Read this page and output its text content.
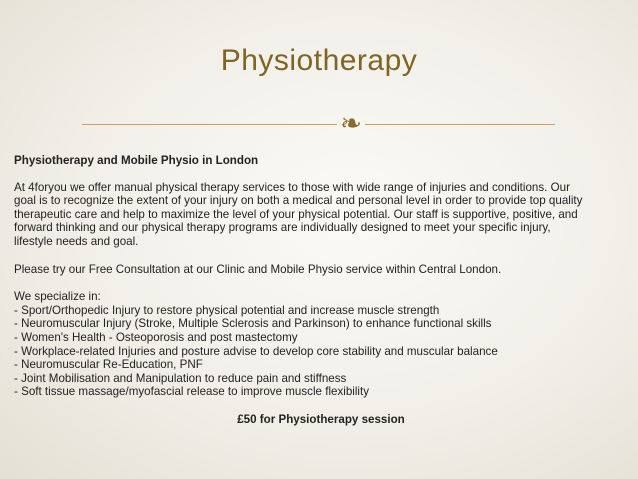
Physiotherapy
❧

Physiotherapy and Mobile Physio in London

At 4foryou we offer manual physical therapy services to those with wide range of injuries and conditions. Our
goal is to recognize the extent of your injury on both a medical and personal level in order to provide top quality
therapeutic care and help to maximize the level of your physical potential. Our staff is supportive, positive, and
forward thinking and our physical therapy programs are individually designed to meet your specific injury,
lifestyle needs and goal.

Please try our Free Consultation at our Clinic and Mobile Physio service within Central London.

We specialize in:

- Sport/Orthopedic Injury to restore physical potential and increase muscle strength

- Neuromuscular Injury (Stroke, Multiple Sclerosis and Parkinson) to enhance functional skills

- Women's Health - Osteoporosis and post mastectomy

- Workplace-related Injuries and posture advise to develop core stability and muscular balance

- Neuromuscular Re-Education, PNF

- Joint Mobilisation and Manipulation to reduce pain and stiffness

- Soft tissue massage/myofascial release to improve muscle flexibility

£50 for Physiotherapy session
